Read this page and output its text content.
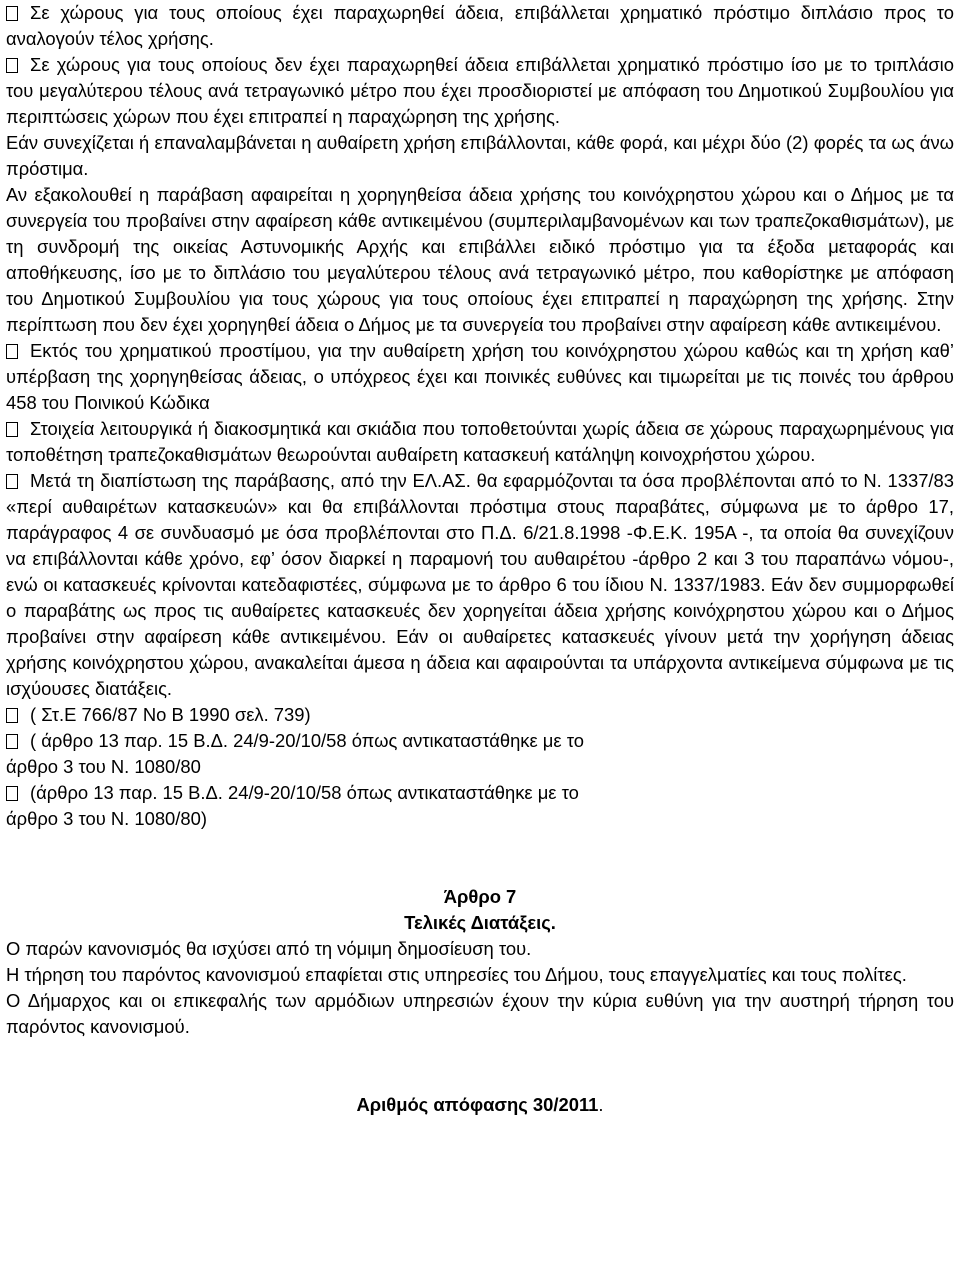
Σε χώρους για τους οποίους έχει παραχωρηθεί άδεια, επιβάλλεται χρηματικό πρόστιμο διπλάσιο προς το αναλογούν τέλος χρήσης.

Σε χώρους για τους οποίους δεν έχει παραχωρηθεί άδεια επιβάλλεται χρηματικό πρόστιμο ίσο με το τριπλάσιο του μεγαλύτερου τέλους ανά τετραγωνικό μέτρο που έχει προσδιοριστεί με απόφαση του Δημοτικού Συμβουλίου για περιπτώσεις χώρων που έχει επιτραπεί η παραχώρηση της χρήσης.

Εάν συνεχίζεται ή επαναλαμβάνεται η αυθαίρετη χρήση επιβάλλονται, κάθε φορά, και μέχρι δύο (2) φορές τα ως άνω πρόστιμα.

Αν εξακολουθεί η παράβαση αφαιρείται η χορηγηθείσα άδεια χρήσης του κοινόχρηστου χώρου και ο Δήμος με τα συνεργεία του προβαίνει στην αφαίρεση κάθε αντικειμένου (συμπεριλαμβανομένων και των τραπεζοκαθισμάτων), με τη συνδρομή της οικείας Αστυνομικής Αρχής και επιβάλλει ειδικό πρόστιμο για τα έξοδα μεταφοράς και αποθήκευσης, ίσο με το διπλάσιο του μεγαλύτερου τέλους ανά τετραγωνικό μέτρο, που καθορίστηκε με απόφαση του Δημοτικού Συμβουλίου για τους χώρους για τους οποίους έχει επιτραπεί η παραχώρηση της χρήσης. Στην περίπτωση που δεν έχει χορηγηθεί άδεια ο Δήμος με τα συνεργεία του προβαίνει στην αφαίρεση κάθε αντικειμένου.

Εκτός του χρηματικού προστίμου, για την αυθαίρετη χρήση του κοινόχρηστου χώρου καθώς και τη χρήση καθ’ υπέρβαση της χορηγηθείσας άδειας, ο υπόχρεος έχει και ποινικές ευθύνες και τιμωρείται με τις ποινές του άρθρου 458 του Ποινικού Κώδικα

Στοιχεία λειτουργικά ή διακοσμητικά και σκιάδια που τοποθετούνται χωρίς άδεια σε χώρους παραχωρημένους για τοποθέτηση τραπεζοκαθισμάτων θεωρούνται αυθαίρετη κατασκευή κατάληψη κοινοχρήστου χώρου.

Μετά τη διαπίστωση της παράβασης, από την ΕΛ.ΑΣ. θα εφαρμόζονται τα όσα προβλέπονται από το Ν. 1337/83 «περί αυθαιρέτων κατασκευών» και θα επιβάλλονται πρόστιμα στους παραβάτες, σύμφωνα με το άρθρο 17, παράγραφος 4 σε συνδυασμό με όσα προβλέπονται στο Π.Δ. 6/21.8.1998 -Φ.Ε.Κ. 195Α -, τα οποία θα συνεχίζουν να επιβάλλονται κάθε χρόνο, εφ’ όσον διαρκεί η παραμονή του αυθαιρέτου -άρθρο 2 και 3 του παραπάνω νόμου-, ενώ οι κατασκευές κρίνονται κατεδαφιστέες, σύμφωνα με το άρθρο 6 του ίδιου Ν. 1337/1983. Εάν δεν συμμορφωθεί ο παραβάτης ως προς τις αυθαίρετες κατασκευές δεν χορηγείται άδεια χρήσης κοινόχρηστου χώρου και ο Δήμος προβαίνει στην αφαίρεση κάθε αντικειμένου. Εάν οι αυθαίρετες κατασκευές γίνουν μετά την χορήγηση άδειας χρήσης κοινόχρηστου χώρου, ανακαλείται άμεσα η άδεια και αφαιρούνται τα υπάρχοντα αντικείμενα σύμφωνα με τις ισχύουσες διατάξεις.

( Στ.Ε 766/87 Νο Β 1990 σελ. 739)

( άρθρο 13 παρ. 15 Β.Δ. 24/9-20/10/58 όπως αντικαταστάθηκε με το
άρθρο 3 του Ν. 1080/80

(άρθρο 13 παρ. 15 Β.Δ. 24/9-20/10/58 όπως αντικαταστάθηκε με το
άρθρο 3 του Ν. 1080/80)

Άρθρο 7

Τελικές Διατάξεις.

Ο παρών κανονισμός θα ισχύσει από τη νόμιμη δημοσίευση του.

Η τήρηση του παρόντος κανονισμού επαφίεται στις υπηρεσίες του Δήμου, τους επαγγελματίες και τους πολίτες.

Ο Δήμαρχος και οι επικεφαλής των αρμόδιων υπηρεσιών έχουν την κύρια ευθύνη για την αυστηρή τήρηση του παρόντος κανονισμού.

Αριθμός απόφασης 30/2011.
